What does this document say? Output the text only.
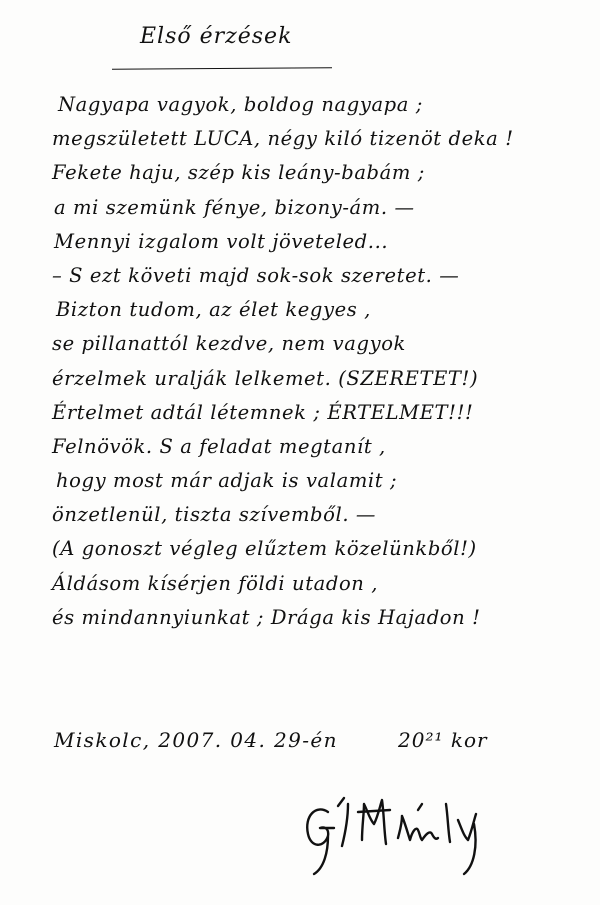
Első érzések
Nagyapa vagyok, boldog nagyapa ;
megszületett LUCA, négy kiló tizenöt deka !
Fekete haju, szép kis leány-babám ;
a mi szemünk fénye, bizony-ám. —
Mennyi izgalom volt jöveteled...
– S ezt követi majd sok-sok szeretet. —
Bizton tudom, az élet kegyes ,
se pillanattól kezdve, nem vagyok
érzelmek uralják lelkemet. (SZERETET!)
Értelmet adtál létemnek ; ÉRTELMET!!!
Felnövök. S a feladat megtanít ,
hogy most már adjak is valamit ;
önzetlenül, tiszta szívemből. —
(A gonoszt végleg elűztem közelünkből!)
Áldásom kísérjen földi utadon ,
és mindannyiunkat ; Drága kis Hajadon !
Miskolc, 2007. 04. 29-én	20²¹ kor
